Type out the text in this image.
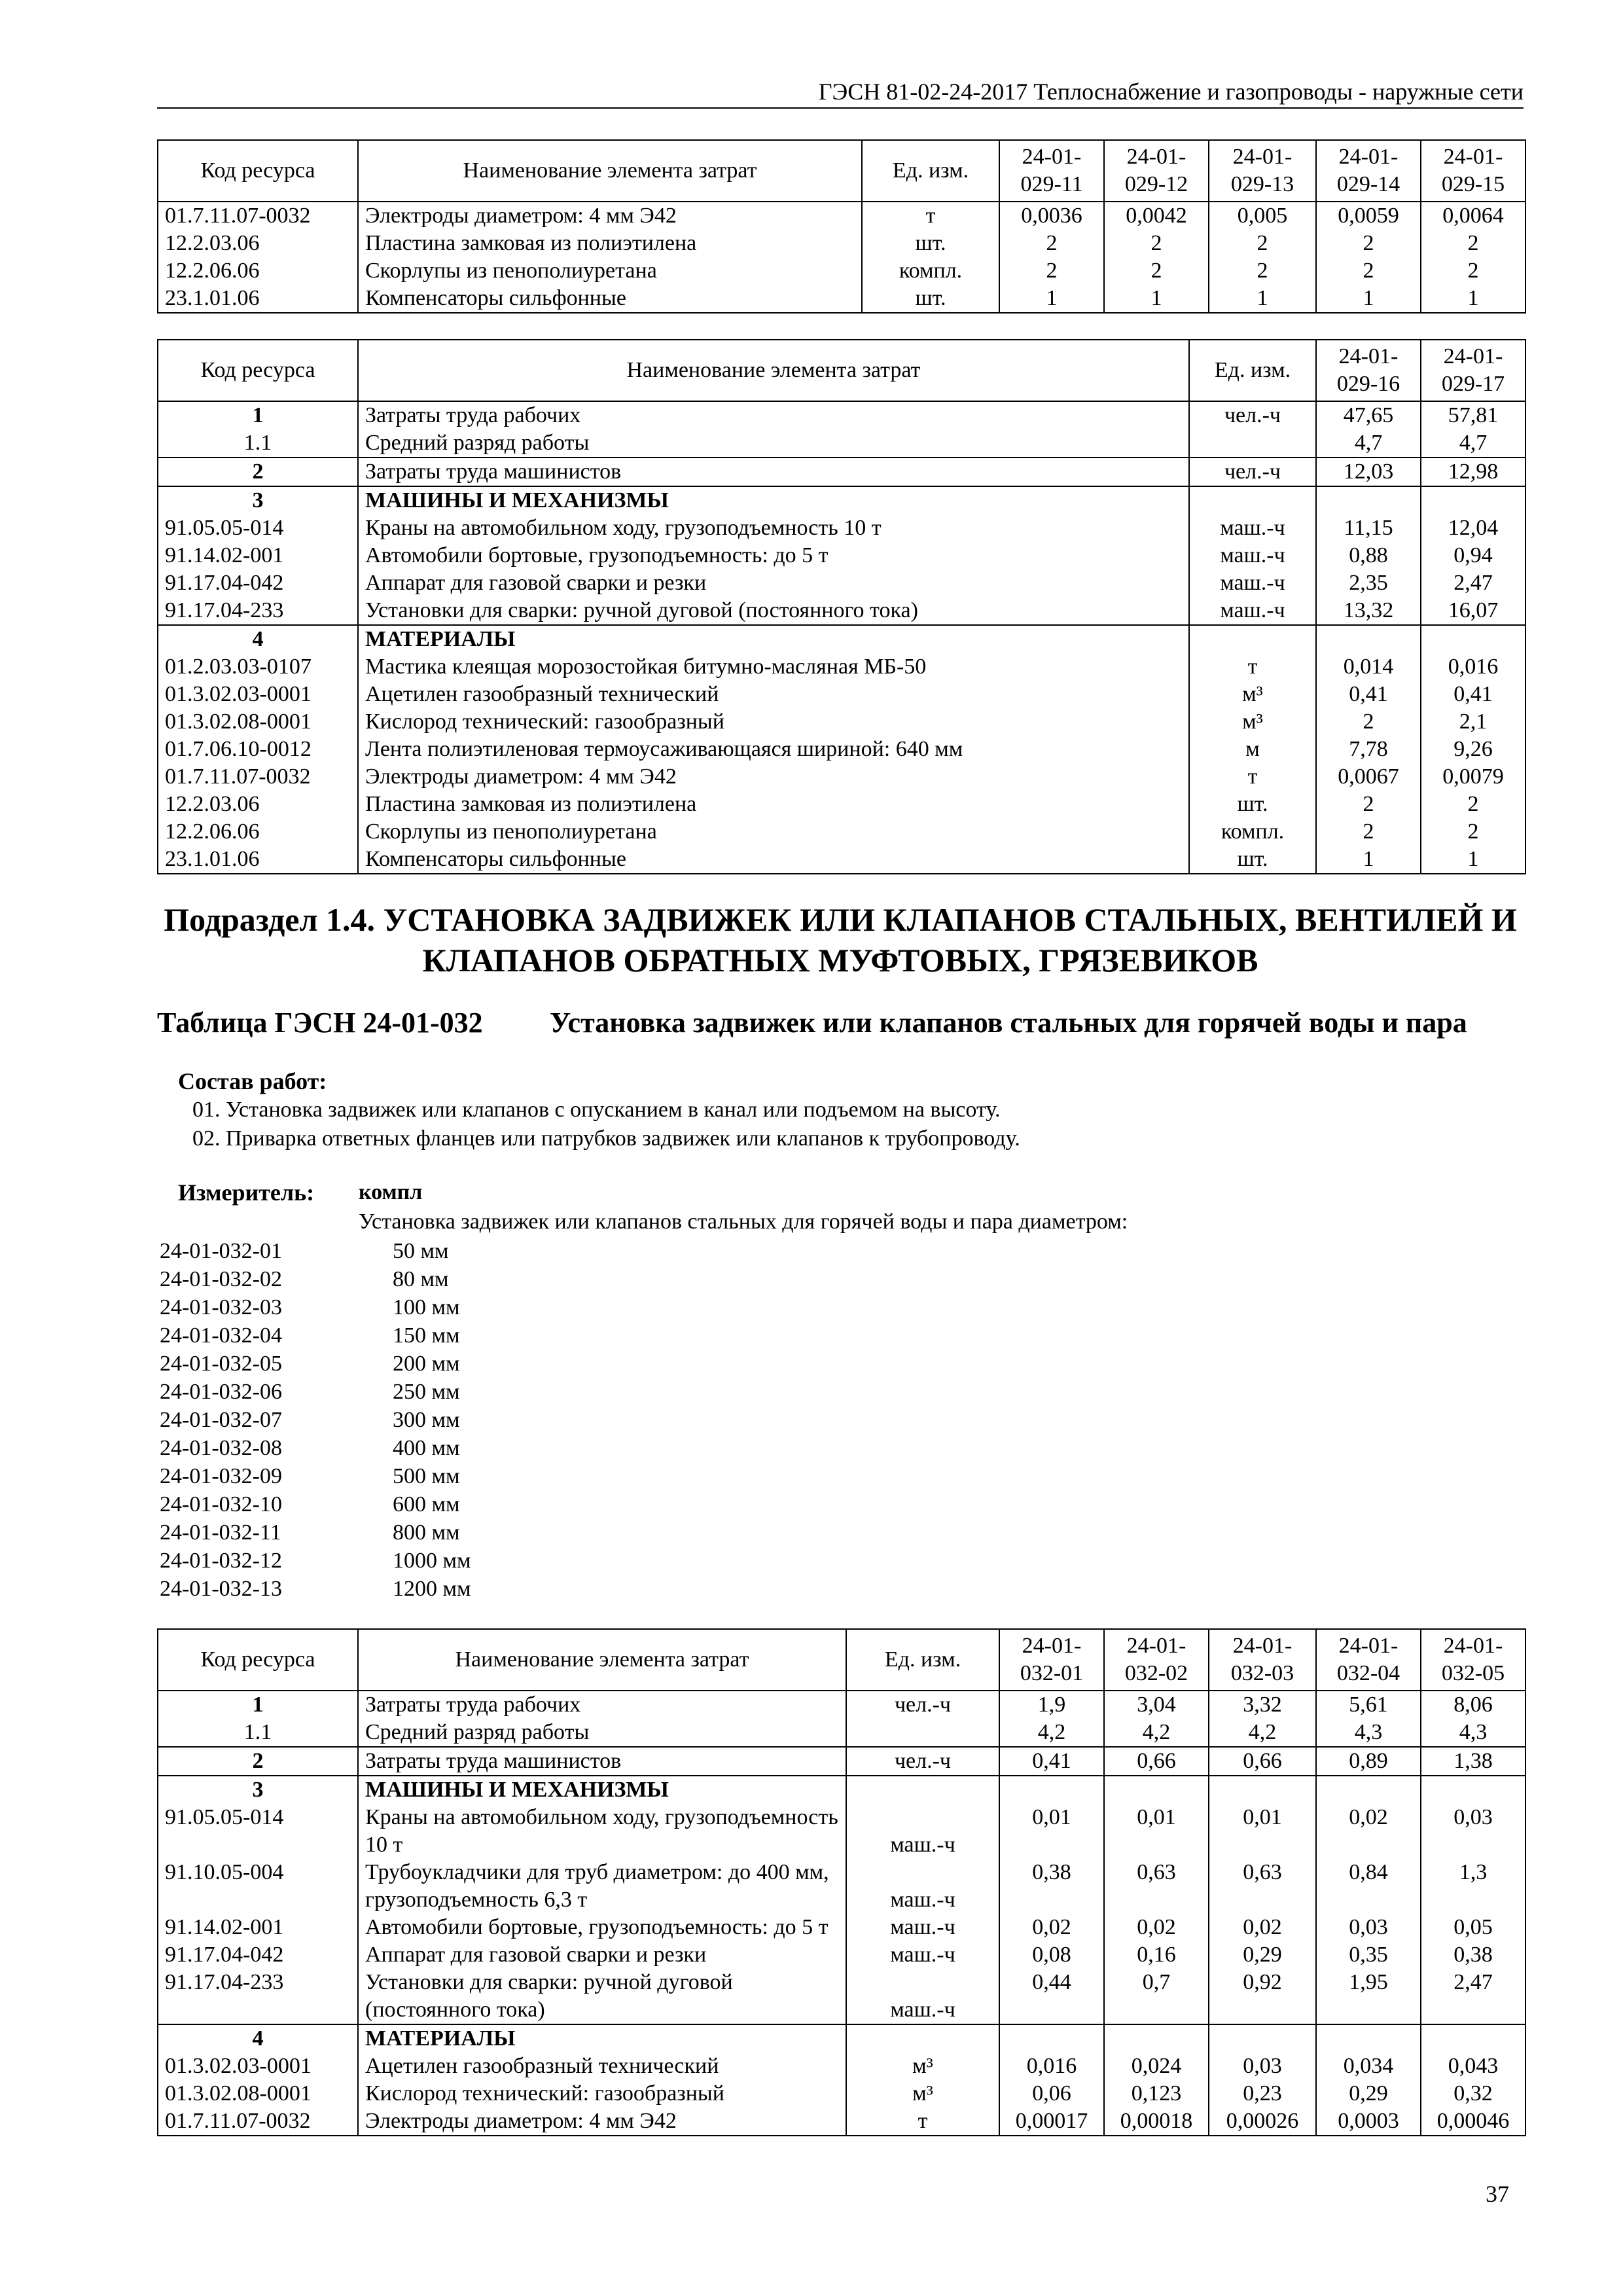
ГЭСН 81-02-24-2017 Теплоснабжение и газопроводы - наружные сети
Код ресурса	Наименование элемента затрат	Ед. изм.	24-01-029-11	24-01-029-12	24-01-029-13	24-01-029-14	24-01-029-15
01.7.11.07-0032	Электроды диаметром: 4 мм Э42	т	0,0036	0,0042	0,005	0,0059	0,0064
12.2.03.06	Пластина замковая из полиэтилена	шт.	2	2	2	2	2
12.2.06.06	Скорлупы из пенополиуретана	компл.	2	2	2	2	2
23.1.01.06	Компенсаторы сильфонные	шт.	1	1	1	1	1
Код ресурса	Наименование элемента затрат	Ед. изм.	24-01-029-16	24-01-029-17
1	Затраты труда рабочих	чел.-ч	47,65	57,81
1.1	Средний разряд работы		4,7	4,7
2	Затраты труда машинистов	чел.-ч	12,03	12,98
3	МАШИНЫ И МЕХАНИЗМЫ			
91.05.05-014	Краны на автомобильном ходу, грузоподъемность 10 т	маш.-ч	11,15	12,04
91.14.02-001	Автомобили бортовые, грузоподъемность: до 5 т	маш.-ч	0,88	0,94
91.17.04-042	Аппарат для газовой сварки и резки	маш.-ч	2,35	2,47
91.17.04-233	Установки для сварки: ручной дуговой (постоянного тока)	маш.-ч	13,32	16,07
4	МАТЕРИАЛЫ			
01.2.03.03-0107	Мастика клеящая морозостойкая битумно-масляная МБ-50	т	0,014	0,016
01.3.02.03-0001	Ацетилен газообразный технический	м³	0,41	0,41
01.3.02.08-0001	Кислород технический: газообразный	м³	2	2,1
01.7.06.10-0012	Лента полиэтиленовая термоусаживающаяся шириной: 640 мм	м	7,78	9,26
01.7.11.07-0032	Электроды диаметром: 4 мм Э42	т	0,0067	0,0079
12.2.03.06	Пластина замковая из полиэтилена	шт.	2	2
12.2.06.06	Скорлупы из пенополиуретана	компл.	2	2
23.1.01.06	Компенсаторы сильфонные	шт.	1	1
Подраздел 1.4. УСТАНОВКА ЗАДВИЖЕК ИЛИ КЛАПАНОВ СТАЛЬНЫХ, ВЕНТИЛЕЙ И
КЛАПАНОВ ОБРАТНЫХ МУФТОВЫХ, ГРЯЗЕВИКОВ
Таблица ГЭСН 24-01-032 Установка задвижек или клапанов стальных для горячей воды и пара
Состав работ:
01. Установка задвижек или клапанов с опусканием в канал или подъемом на высоту.
02. Приварка ответных фланцев или патрубков задвижек или клапанов к трубопроводу.
Измеритель: компл
Установка задвижек или клапанов стальных для горячей воды и пара диаметром:
24-01-032-01	50 мм
24-01-032-02	80 мм
24-01-032-03	100 мм
24-01-032-04	150 мм
24-01-032-05	200 мм
24-01-032-06	250 мм
24-01-032-07	300 мм
24-01-032-08	400 мм
24-01-032-09	500 мм
24-01-032-10	600 мм
24-01-032-11	800 мм
24-01-032-12	1000 мм
24-01-032-13	1200 мм
Код ресурса	Наименование элемента затрат	Ед. изм.	24-01-032-01	24-01-032-02	24-01-032-03	24-01-032-04	24-01-032-05
1	Затраты труда рабочих	чел.-ч	1,9	3,04	3,32	5,61	8,06
1.1	Средний разряд работы		4,2	4,2	4,2	4,3	4,3
2	Затраты труда машинистов	чел.-ч	0,41	0,66	0,66	0,89	1,38
3	МАШИНЫ И МЕХАНИЗМЫ						
91.05.05-014	Краны на автомобильном ходу, грузоподъемность 10 т	маш.-ч	0,01	0,01	0,01	0,02	0,03
91.10.05-004	Трубоукладчики для труб диаметром: до 400 мм, грузоподъемность 6,3 т	маш.-ч	0,38	0,63	0,63	0,84	1,3
91.14.02-001	Автомобили бортовые, грузоподъемность: до 5 т	маш.-ч	0,02	0,02	0,02	0,03	0,05
91.17.04-042	Аппарат для газовой сварки и резки	маш.-ч	0,08	0,16	0,29	0,35	0,38
91.17.04-233	Установки для сварки: ручной дуговой (постоянного тока)	маш.-ч	0,44	0,7	0,92	1,95	2,47
4	МАТЕРИАЛЫ						
01.3.02.03-0001	Ацетилен газообразный технический	м³	0,016	0,024	0,03	0,034	0,043
01.3.02.08-0001	Кислород технический: газообразный	м³	0,06	0,123	0,23	0,29	0,32
01.7.11.07-0032	Электроды диаметром: 4 мм Э42	т	0,00017	0,00018	0,00026	0,0003	0,00046
37
